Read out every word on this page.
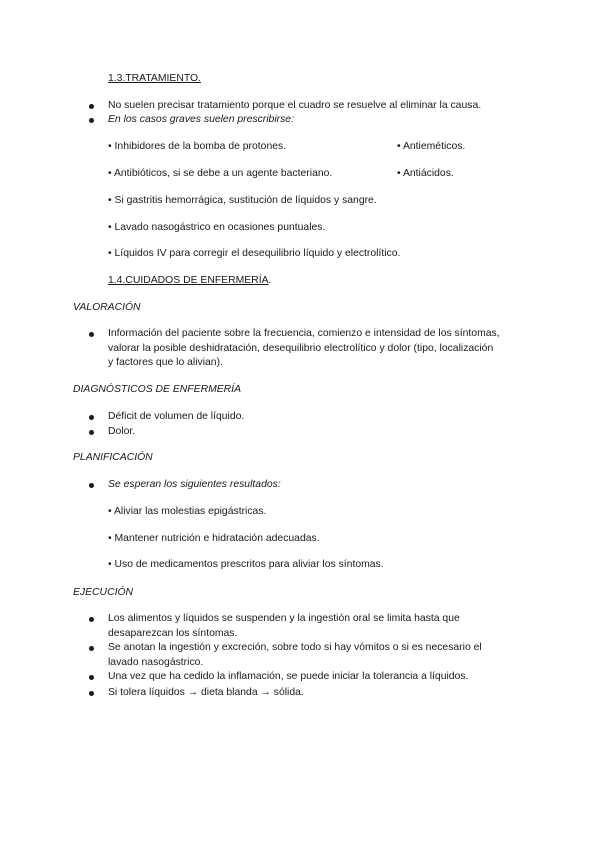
1.3.TRATAMIENTO.
No suelen precisar tratamiento porque el cuadro se resuelve al eliminar la causa.
En los casos graves suelen prescribirse:
• Inhibidores de la bomba de protones.	• Antieméticos.
• Antibióticos, si se debe a un agente bacteriano.	• Antiácidos.
• Si gastritis hemorrágica, sustitución de líquidos y sangre.
• Lavado nasogástrico en ocasiones puntuales.
• Líquidos IV para corregir el desequilibrio líquido y electrolítico.
1.4.CUIDADOS DE ENFERMERÍA.
VALORACIÓN
Información del paciente sobre la frecuencia, comienzo e intensidad de los síntomas,
valorar la posible deshidratación, desequilibrio electrolítico y dolor (tipo, localización
y factores que lo alivian).
DIAGNÓSTICOS DE ENFERMERÍA
Déficit de volumen de líquido.
Dolor.
PLANIFICACIÓN
Se esperan los siguientes resultados:
• Aliviar las molestias epigástricas.
• Mantener nutrición e hidratación adecuadas.
• Uso de medicamentos prescritos para aliviar los síntomas.
EJECUCIÓN
Los alimentos y líquidos se suspenden y la ingestión oral se limita hasta que
desaparezcan los síntomas.
Se anotan la ingestión y excreción, sobre todo si hay vómitos o si es necesario el
lavado nasogástrico.
Una vez que ha cedido la inflamación, se puede iniciar la tolerancia a líquidos.
Si tolera líquidos → dieta blanda → sólida.
